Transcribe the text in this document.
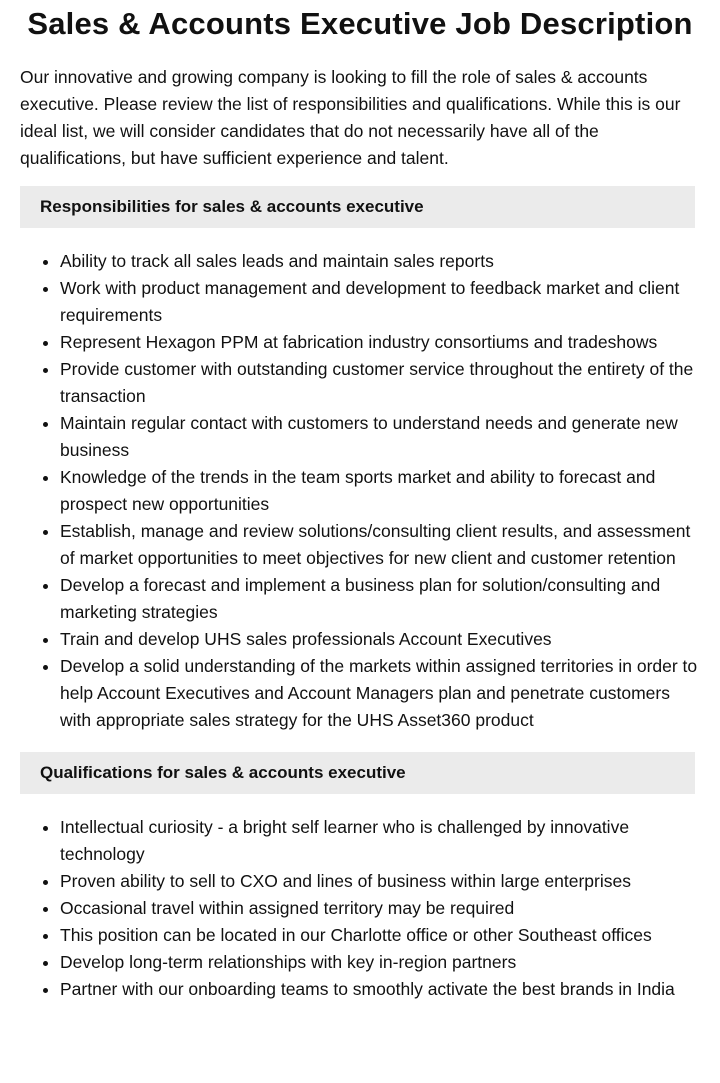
Sales & Accounts Executive Job Description

Our innovative and growing company is looking to fill the role of sales & accounts executive. Please review the list of responsibilities and qualifications. While this is our ideal list, we will consider candidates that do not necessarily have all of the qualifications, but have sufficient experience and talent.

Responsibilities for sales & accounts executive
• Ability to track all sales leads and maintain sales reports
• Work with product management and development to feedback market and client requirements
• Represent Hexagon PPM at fabrication industry consortiums and tradeshows
• Provide customer with outstanding customer service throughout the entirety of the transaction
• Maintain regular contact with customers to understand needs and generate new business
• Knowledge of the trends in the team sports market and ability to forecast and prospect new opportunities
• Establish, manage and review solutions/consulting client results, and assessment of market opportunities to meet objectives for new client and customer retention
• Develop a forecast and implement a business plan for solution/consulting and marketing strategies
• Train and develop UHS sales professionals Account Executives
• Develop a solid understanding of the markets within assigned territories in order to help Account Executives and Account Managers plan and penetrate customers with appropriate sales strategy for the UHS Asset360 product
Qualifications for sales & accounts executive
• Intellectual curiosity - a bright self learner who is challenged by innovative technology
• Proven ability to sell to CXO and lines of business within large enterprises
• Occasional travel within assigned territory may be required
• This position can be located in our Charlotte office or other Southeast offices
• Develop long-term relationships with key in-region partners
• Partner with our onboarding teams to smoothly activate the best brands in India
